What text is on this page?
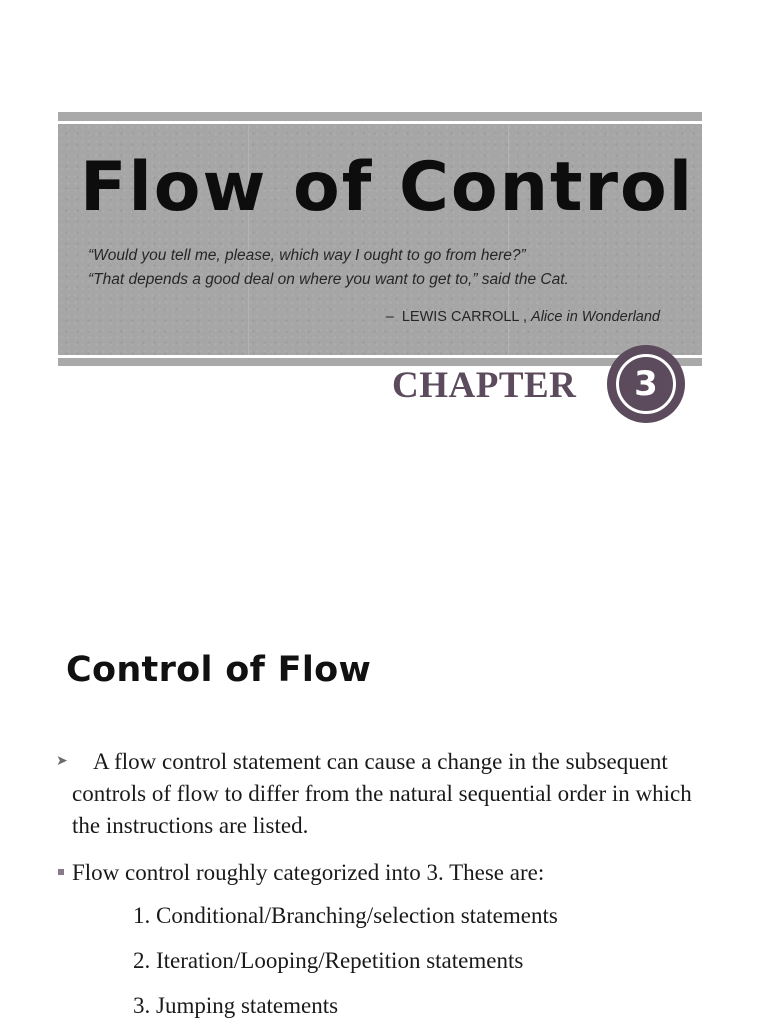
Flow of Control

“Would you tell me, please, which way I ought to go from here?”

“That depends a good deal on where you want to get to,” said the Cat.

– LEWIS CARROLL , Alice in Wonderland

CHAPTER	3
Control of Flow
➤	A flow control statement can cause a change in the subsequent controls of flow to differ from the natural sequential order in which the instructions are listed.

Flow control roughly categorized into 3. These are:

1. Conditional/Branching/selection statements

2. Iteration/Looping/Repetition statements

3. Jumping statements
